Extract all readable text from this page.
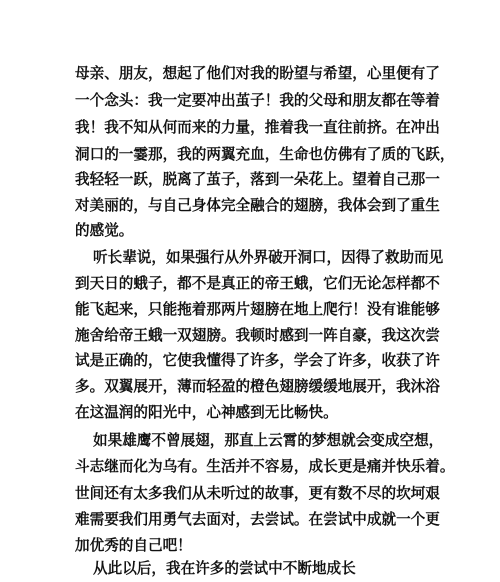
母亲、朋友，想起了他们对我的盼望与希望，心里便有了
一个念头：我一定要冲出茧子！我的父母和朋友都在等着
我！我不知从何而来的力量，推着我一直往前挤。在冲出
洞口的一霎那，我的两翼充血，生命也仿佛有了质的飞跃，
我轻轻一跃，脱离了茧子，落到一朵花上。望着自己那一
对美丽的，与自己身体完全融合的翅膀，我体会到了重生
的感觉。
听长辈说，如果强行从外界破开洞口，因得了救助而见
到天日的蛾子，都不是真正的帝王蛾，它们无论怎样都不
能飞起来，只能拖着那两片翅膀在地上爬行！没有谁能够
施舍给帝王蛾一双翅膀。我顿时感到一阵自豪，我这次尝
试是正确的，它使我懂得了许多，学会了许多，收获了许
多。双翼展开，薄而轻盈的橙色翅膀缓缓地展开，我沐浴
在这温润的阳光中，心神感到无比畅快。
如果雄鹰不曾展翅，那直上云霄的梦想就会变成空想，
斗志继而化为乌有。生活并不容易，成长更是痛并快乐着。
世间还有太多我们从未听过的故事，更有数不尽的坎坷艰
难需要我们用勇气去面对，去尝试。在尝试中成就一个更
加优秀的自己吧！
从此以后，我在许多的尝试中不断地成长
